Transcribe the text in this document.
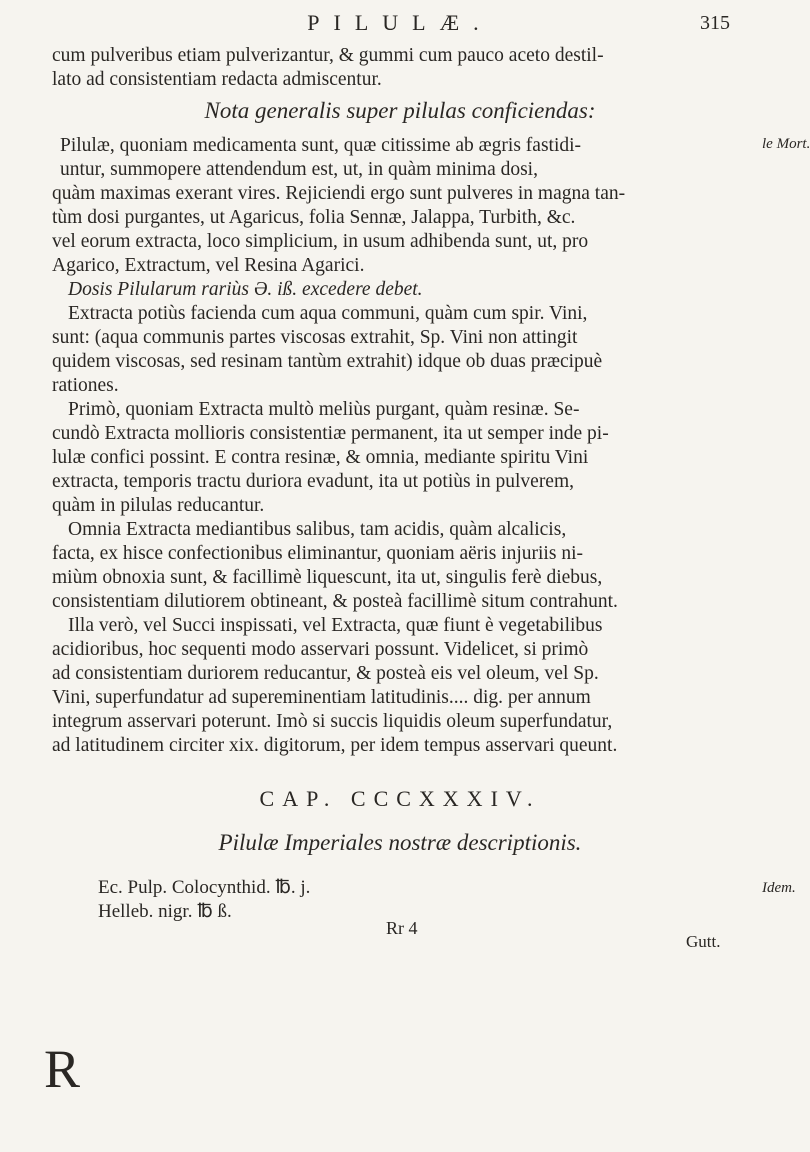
PILULÆ.	315
cum pulveribus etiam pulverizantur, & gummi cum pauco aceto destil-
lato ad consistentiam redacta admiscentur.
Nota generalis super pilulas conficiendas:
Pilulæ, quoniam medicamenta sunt, quæ citissime ab ægris fastidi-	le Mort.
untur, summopere attendendum est, ut, in quàm minima dosi,
quàm maximas exerant vires. Rejiciendi ergo sunt pulveres in magna tan-
tùm dosi purgantes, ut Agaricus, folia Sennæ, Jalappa, Turbith, &c.
vel eorum extracta, loco simplicium, in usum adhibenda sunt, ut, pro
Agarico, Extractum, vel Resina Agarici.
Dosis Pilularum rariùs Ə. iß. excedere debet.
Extracta potiùs facienda cum aqua communi, quàm cum spir. Vini,
sunt: (aqua communis partes viscosas extrahit, Sp. Vini non attingit
quidem viscosas, sed resinam tantùm extrahit) idque ob duas præcipuè
rationes.
Primò, quoniam Extracta multò meliùs purgant, quàm resinæ. Se-
cundò Extracta mollioris consistentiæ permanent, ita ut semper inde pi-
lulæ confici possint. E contra resinæ, & omnia, mediante spiritu Vini
extracta, temporis tractu duriora evadunt, ita ut potiùs in pulverem,
quàm in pilulas reducantur.
Omnia Extracta mediantibus salibus, tam acidis, quàm alcalicis,
facta, ex hisce confectionibus eliminantur, quoniam aëris injuriis ni-
miùm obnoxia sunt, & facillimè liquescunt, ita ut, singulis ferè diebus,
consistentiam dilutiorem obtineant, & posteà facillimè situm contrahunt.
Illa verò, vel Succi inspissati, vel Extracta, quæ fiunt è vegetabilibus
acidioribus, hoc sequenti modo asservari possunt. Videlicet, si primò
ad consistentiam duriorem reducantur, & posteà eis vel oleum, vel Sp.
Vini, superfundatur ad supereminentiam latitudinis.... dig. per annum
integrum asservari poterunt. Imò si succis liquidis oleum superfundatur,
ad latitudinem circiter xix. digitorum, per idem tempus asservari queunt.
CAP. CCCXXXIV.
Pilulæ Imperiales nostræ descriptionis.
R
Ec. Pulp. Colocynthid. ℔. j.
Helleb. nigr. ℔ ß.
Idem.
Rr 4
Gutt.
